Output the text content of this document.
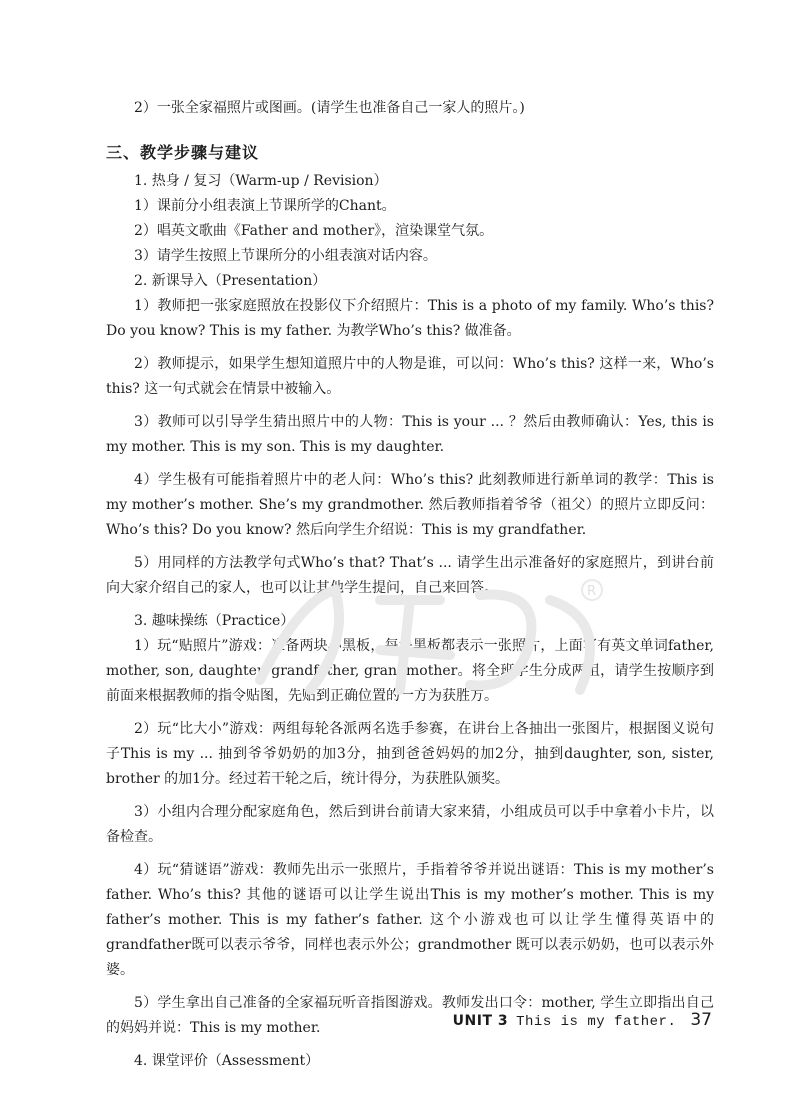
2）一张全家福照片或图画。(请学生也准备自己一家人的照片。)

三、教学步骤与建议

1. 热身 / 复习（Warm-up / Revision）

1）课前分小组表演上节课所学的Chant。

2）唱英文歌曲《Father and mother》，渲染课堂气氛。

3）请学生按照上节课所分的小组表演对话内容。

2. 新课导入（Presentation）

1）教师把一张家庭照放在投影仪下介绍照片：This is a photo of my family. Who’s this? Do you know? This is my father. 为教学Who’s this? 做准备。

2）教师提示，如果学生想知道照片中的人物是谁，可以问：Who’s this? 这样一来，Who’s this? 这一句式就会在情景中被输入。

3）教师可以引导学生猜出照片中的人物：This is your ... ？然后由教师确认：Yes, this is my mother. This is my son. This is my daughter.

4）学生极有可能指着照片中的老人问：Who’s this? 此刻教师进行新单词的教学：This is my mother’s mother. She’s my grandmother. 然后教师指着爷爷（祖父）的照片立即反问：Who’s this? Do you know? 然后向学生介绍说：This is my grandfather.

5）用同样的方法教学句式Who’s that? That’s ... 请学生出示准备好的家庭照片，到讲台前向大家介绍自己的家人，也可以让其他学生提问，自己来回答。

3. 趣味操练（Practice）

1）玩“贴照片”游戏：准备两块小黑板，每块黑板都表示一张照片，上面写有英文单词father, mother, son, daughter, grandfather, grandmother。将全班学生分成两组，请学生按顺序到前面来根据教师的指令贴图，先贴到正确位置的一方为获胜方。

2）玩“比大小”游戏：两组每轮各派两名选手参赛，在讲台上各抽出一张图片，根据图义说句子This is my ... 抽到爷爷奶奶的加3分，抽到爸爸妈妈的加2分，抽到daughter, son, sister, brother 的加1分。经过若干轮之后，统计得分，为获胜队颁奖。

3）小组内合理分配家庭角色，然后到讲台前请大家来猜，小组成员可以手中拿着小卡片，以备检查。

4）玩“猜谜语”游戏：教师先出示一张照片，手指着爷爷并说出谜语：This is my mother’s father. Who’s this? 其他的谜语可以让学生说出This is my mother’s mother. This is my father’s mother. This is my father’s father. 这个小游戏也可以让学生懂得英语中的grandfather既可以表示爷爷，同样也表示外公；grandmother 既可以表示奶奶，也可以表示外婆。

5）学生拿出自己准备的全家福玩听音指图游戏。教师发出口令：mother, 学生立即指出自己的妈妈并说：This is my mother.

4. 课堂评价（Assessment）

R
UNIT 3 This is my father. 37
